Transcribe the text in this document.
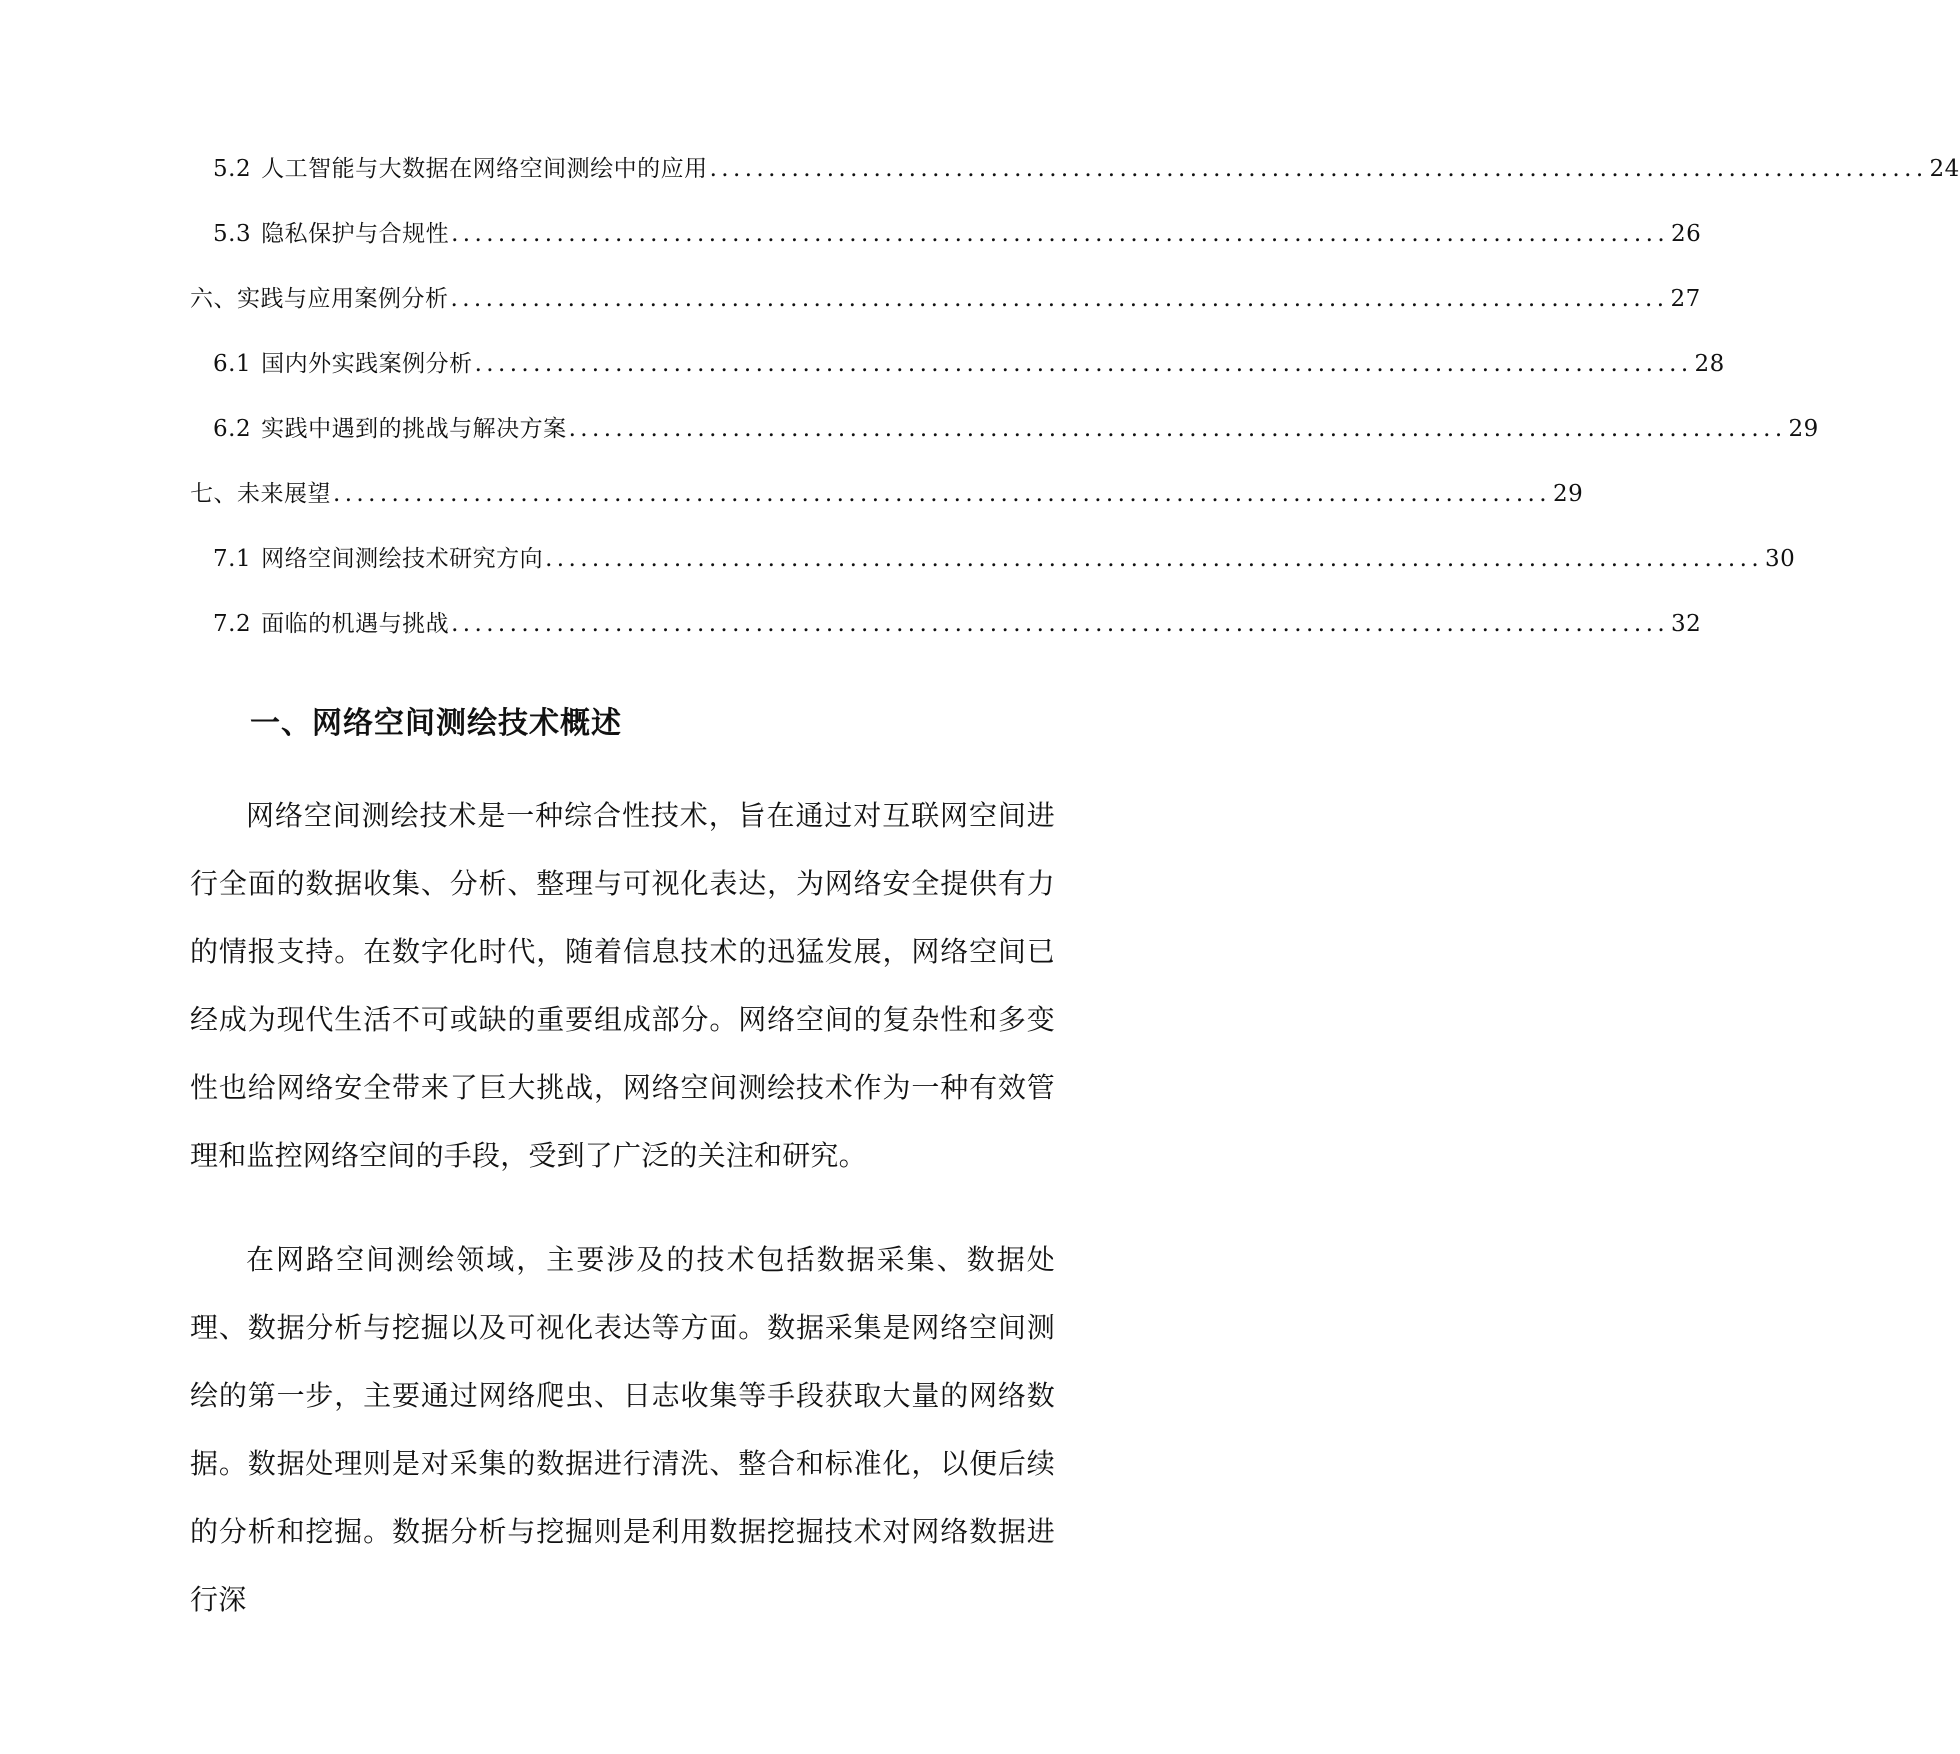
5.2 人工智能与大数据在网络空间测绘中的应用 ........................................................................................................ 24
5.3 隐私保护与合规性 ........................................................................................................ 26
六、实践与应用案例分析 ........................................................................................................ 27
6.1 国内外实践案例分析 ........................................................................................................ 28
6.2 实践中遇到的挑战与解决方案 ........................................................................................................ 29
七、未来展望 ........................................................................................................ 29
7.1 网络空间测绘技术研究方向 ........................................................................................................ 30
7.2 面临的机遇与挑战 ........................................................................................................ 32
一、网络空间测绘技术概述

网络空间测绘技术是一种综合性技术，旨在通过对互联网空间进行全面的数据收集、分析、整理与可视化表达，为网络安全提供有力的情报支持。在数字化时代，随着信息技术的迅猛发展，网络空间已经成为现代生活不可或缺的重要组成部分。网络空间的复杂性和多变性也给网络安全带来了巨大挑战，网络空间测绘技术作为一种有效管理和监控网络空间的手段，受到了广泛的关注和研究。

在网路空间测绘领域，主要涉及的技术包括数据采集、数据处理、数据分析与挖掘以及可视化表达等方面。数据采集是网络空间测绘的第一步，主要通过网络爬虫、日志收集等手段获取大量的网络数据。数据处理则是对采集的数据进行清洗、整合和标准化，以便后续的分析和挖掘。数据分析与挖掘则是利用数据挖掘技术对网络数据进行深
